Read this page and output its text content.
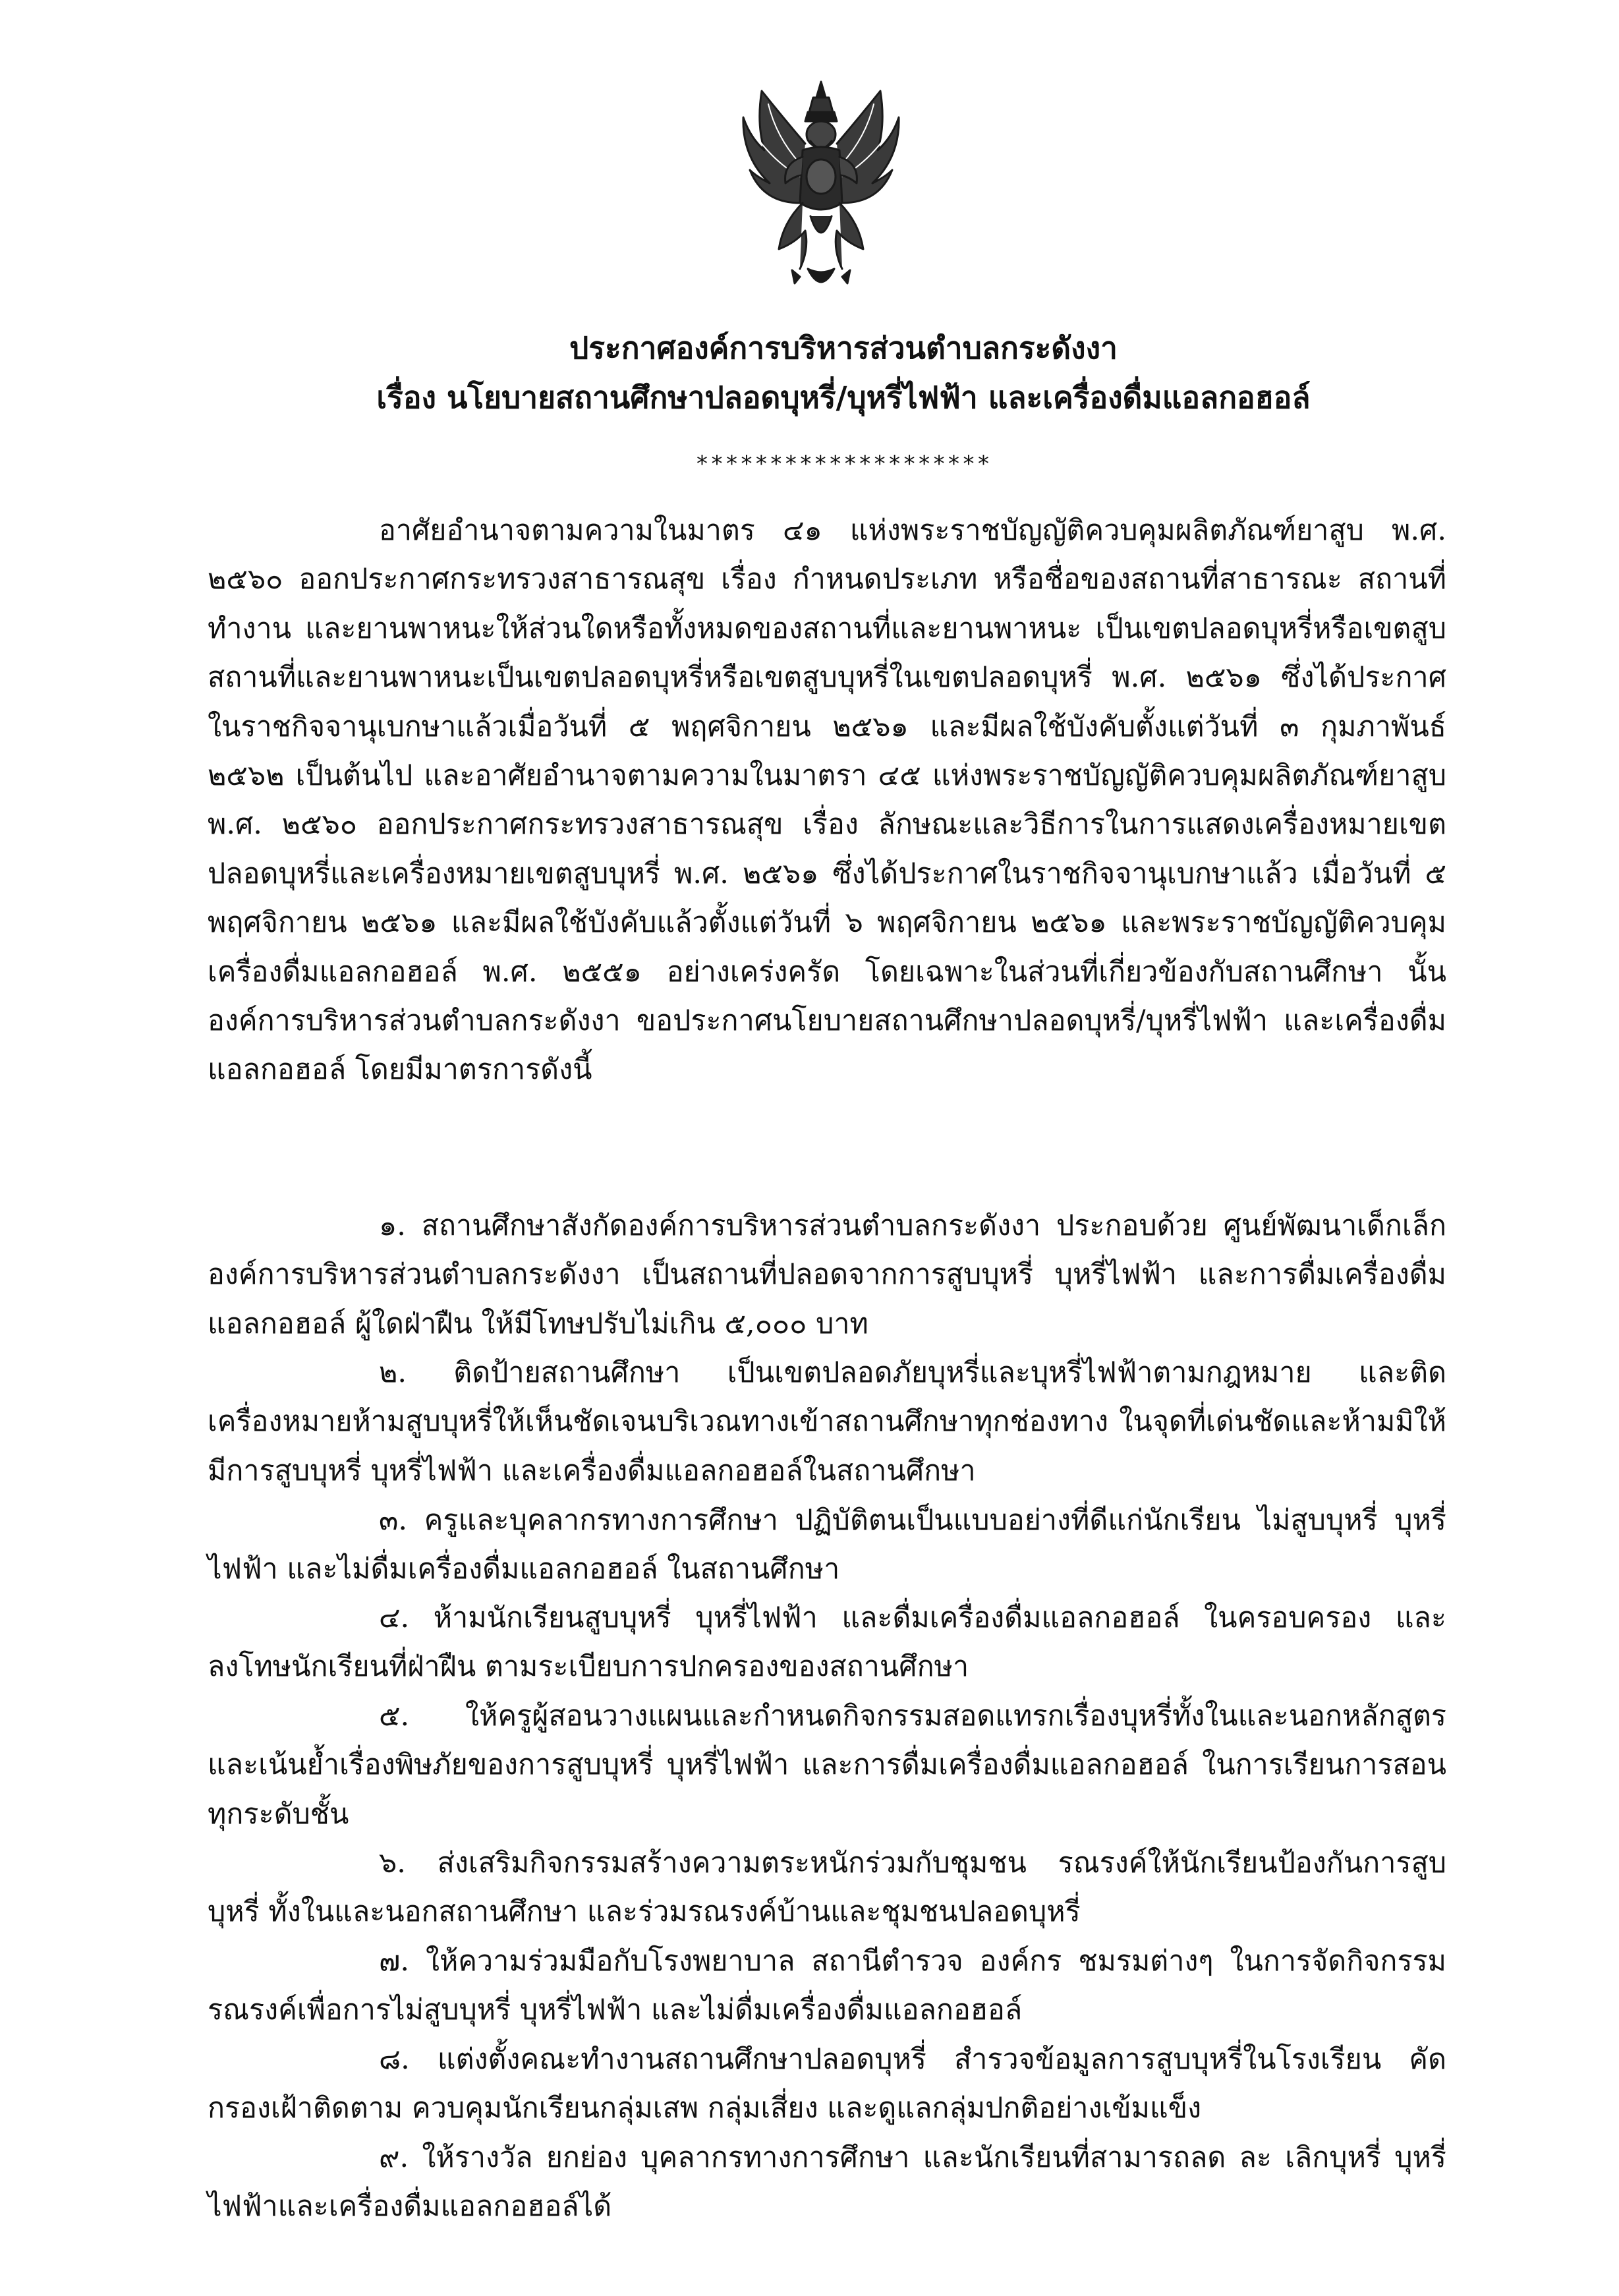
ประกาศองค์การบริหารส่วนตำบลกระดังงา
เรื่อง นโยบายสถานศึกษาปลอดบุหรี่/บุหรี่ไฟฟ้า และเครื่องดื่มแอลกอฮอล์
********************
อาศัยอำนาจตามความในมาตร ๔๑ แห่งพระราชบัญญัติควบคุมผลิตภัณฑ์ยาสูบ พ.ศ. ๒๕๖๐ ออกประกาศกระทรวงสาธารณสุข เรื่อง กำหนดประเภท หรือชื่อของสถานที่สาธารณะ สถานที่ทำงาน และยานพาหนะให้ส่วนใดหรือทั้งหมดของสถานที่และยานพาหนะ เป็นเขตปลอดบุหรี่หรือเขตสูบสถานที่และยานพาหนะเป็นเขตปลอดบุหรี่หรือเขตสูบบุหรี่ในเขตปลอดบุหรี่ พ.ศ. ๒๕๖๑ ซึ่งได้ประกาศในราชกิจจานุเบกษาแล้วเมื่อวันที่ ๕ พฤศจิกายน ๒๕๖๑ และมีผลใช้บังคับตั้งแต่วันที่ ๓ กุมภาพันธ์ ๒๕๖๒ เป็นต้นไป และอาศัยอำนาจตามความในมาตรา ๔๕ แห่งพระราชบัญญัติควบคุมผลิตภัณฑ์ยาสูบ พ.ศ. ๒๕๖๐ ออกประกาศกระทรวงสาธารณสุข เรื่อง ลักษณะและวิธีการในการแสดงเครื่องหมายเขตปลอดบุหรี่และเครื่องหมายเขตสูบบุหรี่ พ.ศ. ๒๕๖๑ ซึ่งได้ประกาศในราชกิจจานุเบกษาแล้ว เมื่อวันที่ ๕ พฤศจิกายน ๒๕๖๑ และมีผลใช้บังคับแล้วตั้งแต่วันที่ ๖ พฤศจิกายน ๒๕๖๑ และพระราชบัญญัติควบคุมเครื่องดื่มแอลกอฮอล์ พ.ศ. ๒๕๕๑ อย่างเคร่งครัด โดยเฉพาะในส่วนที่เกี่ยวข้องกับสถานศึกษา นั้น องค์การบริหารส่วนตำบลกระดังงา ขอประกาศนโยบายสถานศึกษาปลอดบุหรี่/บุหรี่ไฟฟ้า และเครื่องดื่มแอลกอฮอล์ โดยมีมาตรการดังนี้
๑. สถานศึกษาสังกัดองค์การบริหารส่วนตำบลกระดังงา ประกอบด้วย ศูนย์พัฒนาเด็กเล็กองค์การบริหารส่วนตำบลกระดังงา เป็นสถานที่ปลอดจากการสูบบุหรี่ บุหรี่ไฟฟ้า และการดื่มเครื่องดื่มแอลกอฮอล์ ผู้ใดฝ่าฝืน ให้มีโทษปรับไม่เกิน ๕,๐๐๐ บาท
๒. ติดป้ายสถานศึกษา เป็นเขตปลอดภัยบุหรี่และบุหรี่ไฟฟ้าตามกฎหมาย และติดเครื่องหมายห้ามสูบบุหรี่ให้เห็นชัดเจนบริเวณทางเข้าสถานศึกษาทุกช่องทาง ในจุดที่เด่นชัดและห้ามมิให้มีการสูบบุหรี่ บุหรี่ไฟฟ้า และเครื่องดื่มแอลกอฮอล์ในสถานศึกษา
๓. ครูและบุคลากรทางการศึกษา ปฏิบัติตนเป็นแบบอย่างที่ดีแก่นักเรียน ไม่สูบบุหรี่ บุหรี่ไฟฟ้า และไม่ดื่มเครื่องดื่มแอลกอฮอล์ ในสถานศึกษา
๔. ห้ามนักเรียนสูบบุหรี่ บุหรี่ไฟฟ้า และดื่มเครื่องดื่มแอลกอฮอล์ ในครอบครอง และลงโทษนักเรียนที่ฝ่าฝืน ตามระเบียบการปกครองของสถานศึกษา
๕. ให้ครูผู้สอนวางแผนและกำหนดกิจกรรมสอดแทรกเรื่องบุหรี่ทั้งในและนอกหลักสูตร และเน้นย้ำเรื่องพิษภัยของการสูบบุหรี่ บุหรี่ไฟฟ้า และการดื่มเครื่องดื่มแอลกอฮอล์ ในการเรียนการสอนทุกระดับชั้น
๖. ส่งเสริมกิจกรรมสร้างความตระหนักร่วมกับชุมชน รณรงค์ให้นักเรียนป้องกันการสูบบุหรี่ ทั้งในและนอกสถานศึกษา และร่วมรณรงค์บ้านและชุมชนปลอดบุหรี่
๗. ให้ความร่วมมือกับโรงพยาบาล สถานีตำรวจ องค์กร ชมรมต่างๆ ในการจัดกิจกรรมรณรงค์เพื่อการไม่สูบบุหรี่ บุหรี่ไฟฟ้า และไม่ดื่มเครื่องดื่มแอลกอฮอล์
๘. แต่งตั้งคณะทำงานสถานศึกษาปลอดบุหรี่ สำรวจข้อมูลการสูบบุหรี่ในโรงเรียน คัดกรองเฝ้าติดตาม ควบคุมนักเรียนกลุ่มเสพ กลุ่มเสี่ยง และดูแลกลุ่มปกติอย่างเข้มแข็ง
๙. ให้รางวัล ยกย่อง บุคลากรทางการศึกษา และนักเรียนที่สามารถลด ละ เลิกบุหรี่ บุหรี่ไฟฟ้าและเครื่องดื่มแอลกอฮอล์ได้
